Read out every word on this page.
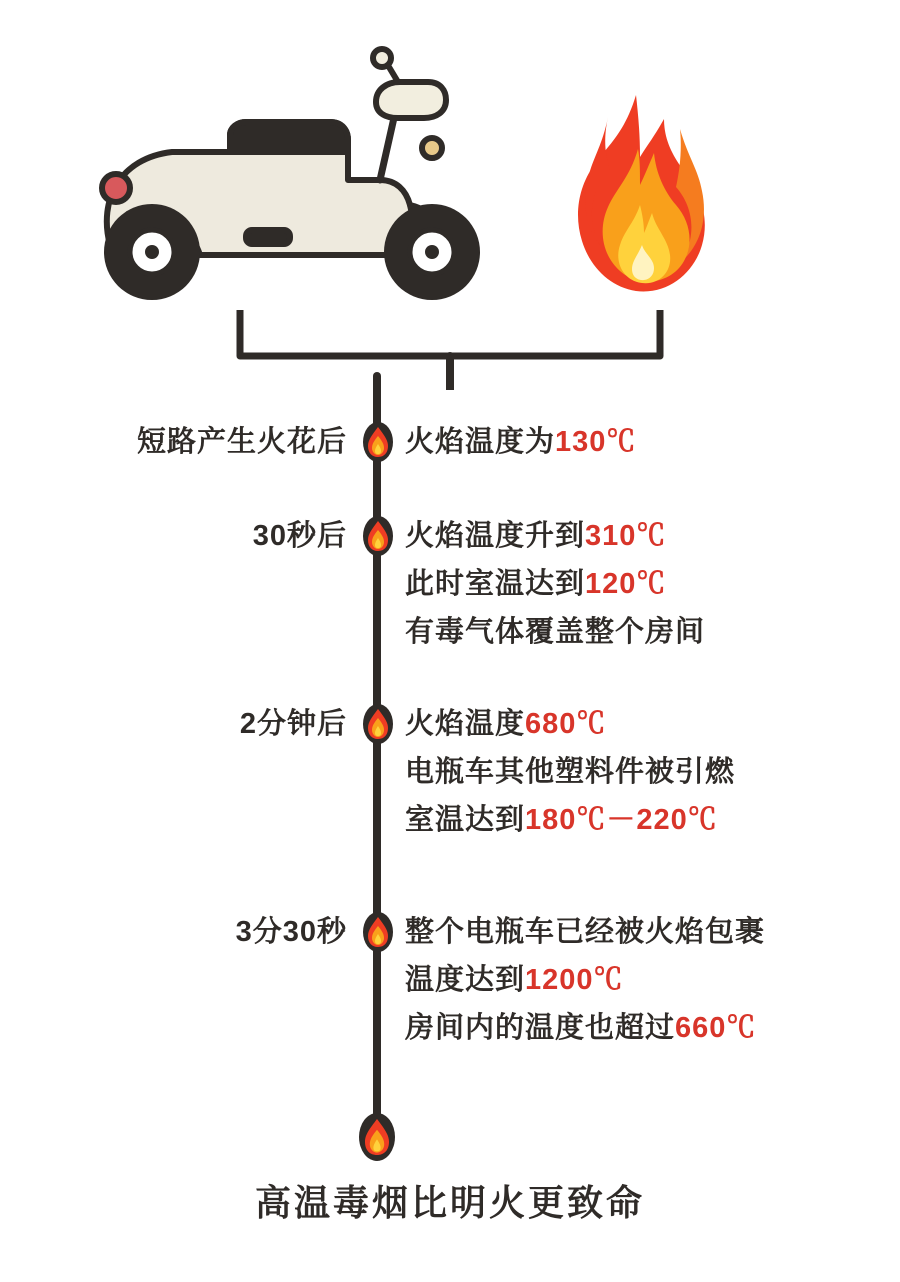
短路产生火花后 火焰温度为130℃
30秒后 火焰温度升到310℃
此时室温达到120℃
有毒气体覆盖整个房间
2分钟后 火焰温度680℃
电瓶车其他塑料件被引燃
室温达到180℃－220℃
3分30秒 整个电瓶车已经被火焰包裹
温度达到1200℃
房间内的温度也超过660℃
高温毒烟比明火更致命
